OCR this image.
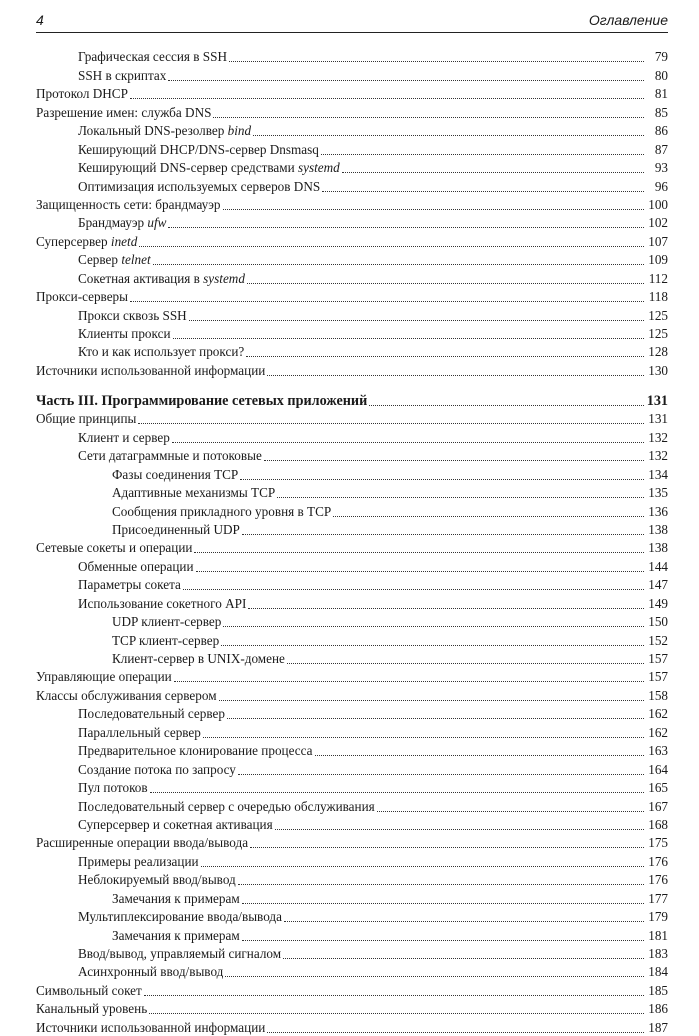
4	Оглавление
Графическая сессия в SSH	79
SSH в скриптах	80
Протокол DHCP	81
Разрешение имен: служба DNS	85
Локальный DNS-резолвер bind	86
Кеширующий DHCP/DNS-сервер Dnsmasq	87
Кеширующий DNS-сервер средствами systemd	93
Оптимизация используемых серверов DNS	96
Защищенность сети: брандмауэр	100
Брандмауэр ufw	102
Суперсервер inetd	107
Сервер telnet	109
Сокетная активация в systemd	112
Прокси-серверы	118
Прокси сквозь SSH	125
Клиенты прокси	125
Кто и как использует прокси?	128
Источники использованной информации	130
Часть III. Программирование сетевых приложений	131
Общие принципы	131
Клиент и сервер	132
Сети датаграммные и потоковые	132
Фазы соединения TCP	134
Адаптивные механизмы TCP	135
Сообщения прикладного уровня в TCP	136
Присоединенный UDP	138
Сетевые сокеты и операции	138
Обменные операции	144
Параметры сокета	147
Использование сокетного API	149
UDP клиент-сервер	150
TCP клиент-сервер	152
Клиент-сервер в UNIX-домене	157
Управляющие операции	157
Классы обслуживания сервером	158
Последовательный сервер	162
Параллельный сервер	162
Предварительное клонирование процесса	163
Создание потока по запросу	164
Пул потоков	165
Последовательный сервер с очередью обслуживания	167
Суперсервер и сокетная активация	168
Расширенные операции ввода/вывода	175
Примеры реализации	176
Неблокируемый ввод/вывод	176
Замечания к примерам	177
Мультиплексирование ввода/вывода	179
Замечания к примерам	181
Ввод/вывод, управляемый сигналом	183
Асинхронный ввод/вывод	184
Символьный сокет	185
Канальный уровень	186
Источники использованной информации	187
